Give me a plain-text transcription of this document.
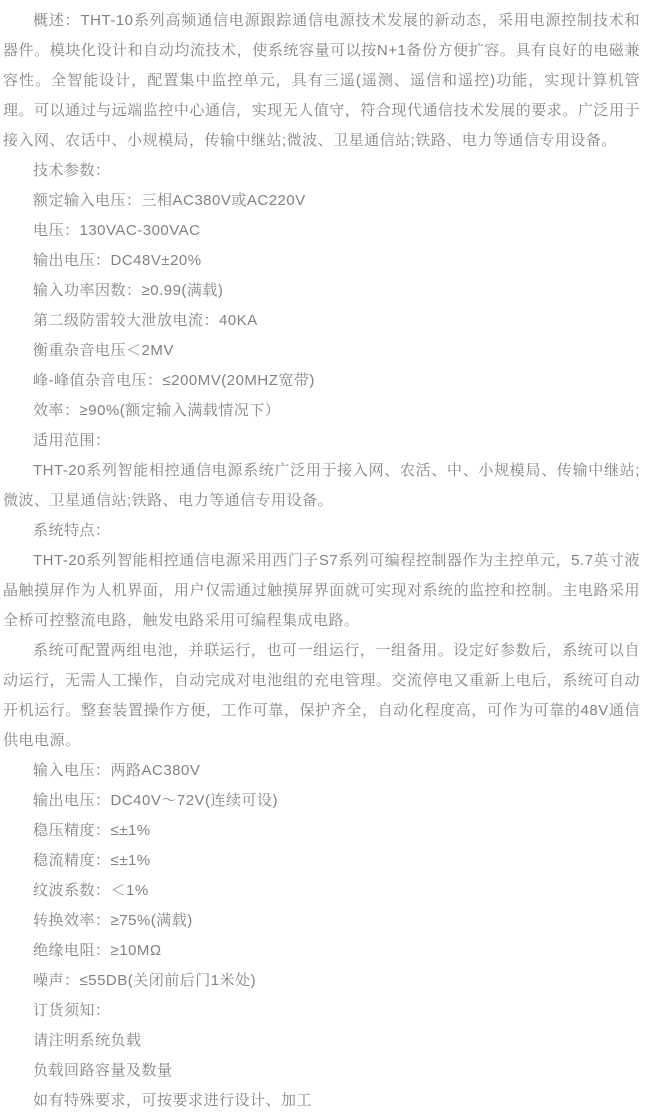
概述：THT-10系列高频通信电源跟踪通信电源技术发展的新动态，采用电源控制技术和器件。模块化设计和自动均流技术，使系统容量可以按N+1备份方便扩容。具有良好的电磁兼容性。全智能设计，配置集中监控单元，具有三遥(遥测、遥信和遥控)功能，实现计算机管理。可以通过与远端监控中心通信，实现无人值守，符合现代通信技术发展的要求。广泛用于接入网、农话中、小规模局，传输中继站;微波、卫星通信站;铁路、电力等通信专用设备。

技术参数：

额定输入电压：三相AC380V或AC220V

电压：130VAC-300VAC

输出电压：DC48V±20%

输入功率因数：≥0.99(满载)

第二级防雷较大泄放电流：40KA

衡重杂音电压＜2MV

峰-峰值杂音电压：≤200MV(20MHZ宽带)

效率：≥90%(额定输入满载情况下）

适用范围：

THT-20系列智能相控通信电源系统广泛用于接入网、农活、中、小规模局、传输中继站;微波、卫星通信站;铁路、电力等通信专用设备。

系统特点：

THT-20系列智能相控通信电源采用西门子S7系列可编程控制器作为主控单元，5.7英寸液晶触摸屏作为人机界面，用户仅需通过触摸屏界面就可实现对系统的监控和控制。主电路采用全桥可控整流电路，触发电路采用可编程集成电路。

系统可配置两组电池，并联运行，也可一组运行，一组备用。设定好参数后，系统可以自动运行，无需人工操作，自动完成对电池组的充电管理。交流停电又重新上电后，系统可自动开机运行。整套装置操作方便，工作可靠，保护齐全，自动化程度高，可作为可靠的48V通信供电电源。

输入电压：两路AC380V

输出电压：DC40V～72V(连续可设)

稳压精度：≤±1%

稳流精度：≤±1%

纹波系数：＜1%

转换效率：≥75%(满载)

绝缘电阻：≥10MΩ

噪声：≤55DB(关闭前后门1米处)

订货须知：

请注明系统负载

负载回路容量及数量

如有特殊要求，可按要求进行设计、加工
